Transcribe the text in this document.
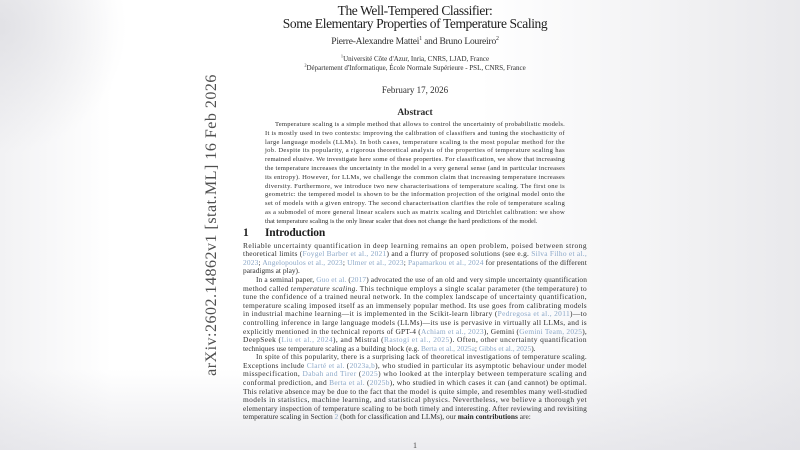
arXiv:2602.14862v1 [stat.ML] 16 Feb 2026
The Well-Tempered Classifier:
Some Elementary Properties of Temperature Scaling
Pierre-Alexandre Mattei$^1$ and Bruno Loureiro$^2$
$^1$Université Côte d'Azur, Inria, CNRS, LJAD, France
$^2$Département d'Informatique, École Normale Supérieure - PSL, CNRS, France
February 17, 2026
Abstract
Temperature scaling is a simple method that allows to control the uncertainty of probabilistic models.
It is mostly used in two contexts: improving the calibration of classifiers and tuning the stochasticity of
large language models (LLMs). In both cases, temperature scaling is the most popular method for the
job. Despite its popularity, a rigorous theoretical analysis of the properties of temperature scaling has
remained elusive. We investigate here some of these properties. For classification, we show that increasing
the temperature increases the uncertainty in the model in a very general sense (and in particular increases
its entropy). However, for LLMs, we challenge the common claim that increasing temperature increases
diversity. Furthermore, we introduce two new characterisations of temperature scaling. The first one is
geometric: the tempered model is shown to be the information projection of the original model onto the
set of models with a given entropy. The second characterisation clarifies the role of temperature scaling
as a submodel of more general linear scalers such as matrix scaling and Dirichlet calibration: we show
that temperature scaling is the only linear scaler that does not change the hard predictions of the model.
1 Introduction
Reliable uncertainty quantification in deep learning remains an open problem, poised between strong
theoretical limits (Foygel Barber et al., 2021) and a flurry of proposed solutions (see e.g. Silva Filho et al.,
2023; Angelopoulos et al., 2023; Ulmer et al., 2023; Papamarkou et al., 2024 for presentations of the different
paradigms at play).
In a seminal paper, Guo et al. (2017) advocated the use of an old and very simple uncertainty quantification
method called temperature scaling. This technique employs a single scalar parameter (the temperature) to
tune the confidence of a trained neural network. In the complex landscape of uncertainty quantification,
temperature scaling imposed itself as an immensely popular method. Its use goes from calibrating models
in industrial machine learning—it is implemented in the Scikit-learn library (Pedregosa et al., 2011)—to
controlling inference in large language models (LLMs)—its use is pervasive in virtually all LLMs, and is
explicitly mentioned in the technical reports of GPT-4 (Achiam et al., 2023), Gemini (Gemini Team, 2025),
DeepSeek (Liu et al., 2024), and Mistral (Rastogi et al., 2025). Often, other uncertainty quantification
techniques use temperature scaling as a building block (e.g. Berta et al., 2025a; Gibbs et al., 2025).
In spite of this popularity, there is a surprising lack of theoretical investigations of temperature scaling.
Exceptions include Clarté et al. (2023a,b), who studied in particular its asymptotic behaviour under model
misspecification, Dabah and Tirer (2025) who looked at the interplay between temperature scaling and
conformal prediction, and Berta et al. (2025b), who studied in which cases it can (and cannot) be optimal.
This relative absence may be due to the fact that the model is quite simple, and resembles many well-studied
models in statistics, machine learning, and statistical physics. Nevertheless, we believe a thorough yet
elementary inspection of temperature scaling to be both timely and interesting. After reviewing and revisiting
temperature scaling in Section 2 (both for classification and LLMs), our main contributions are:
1
